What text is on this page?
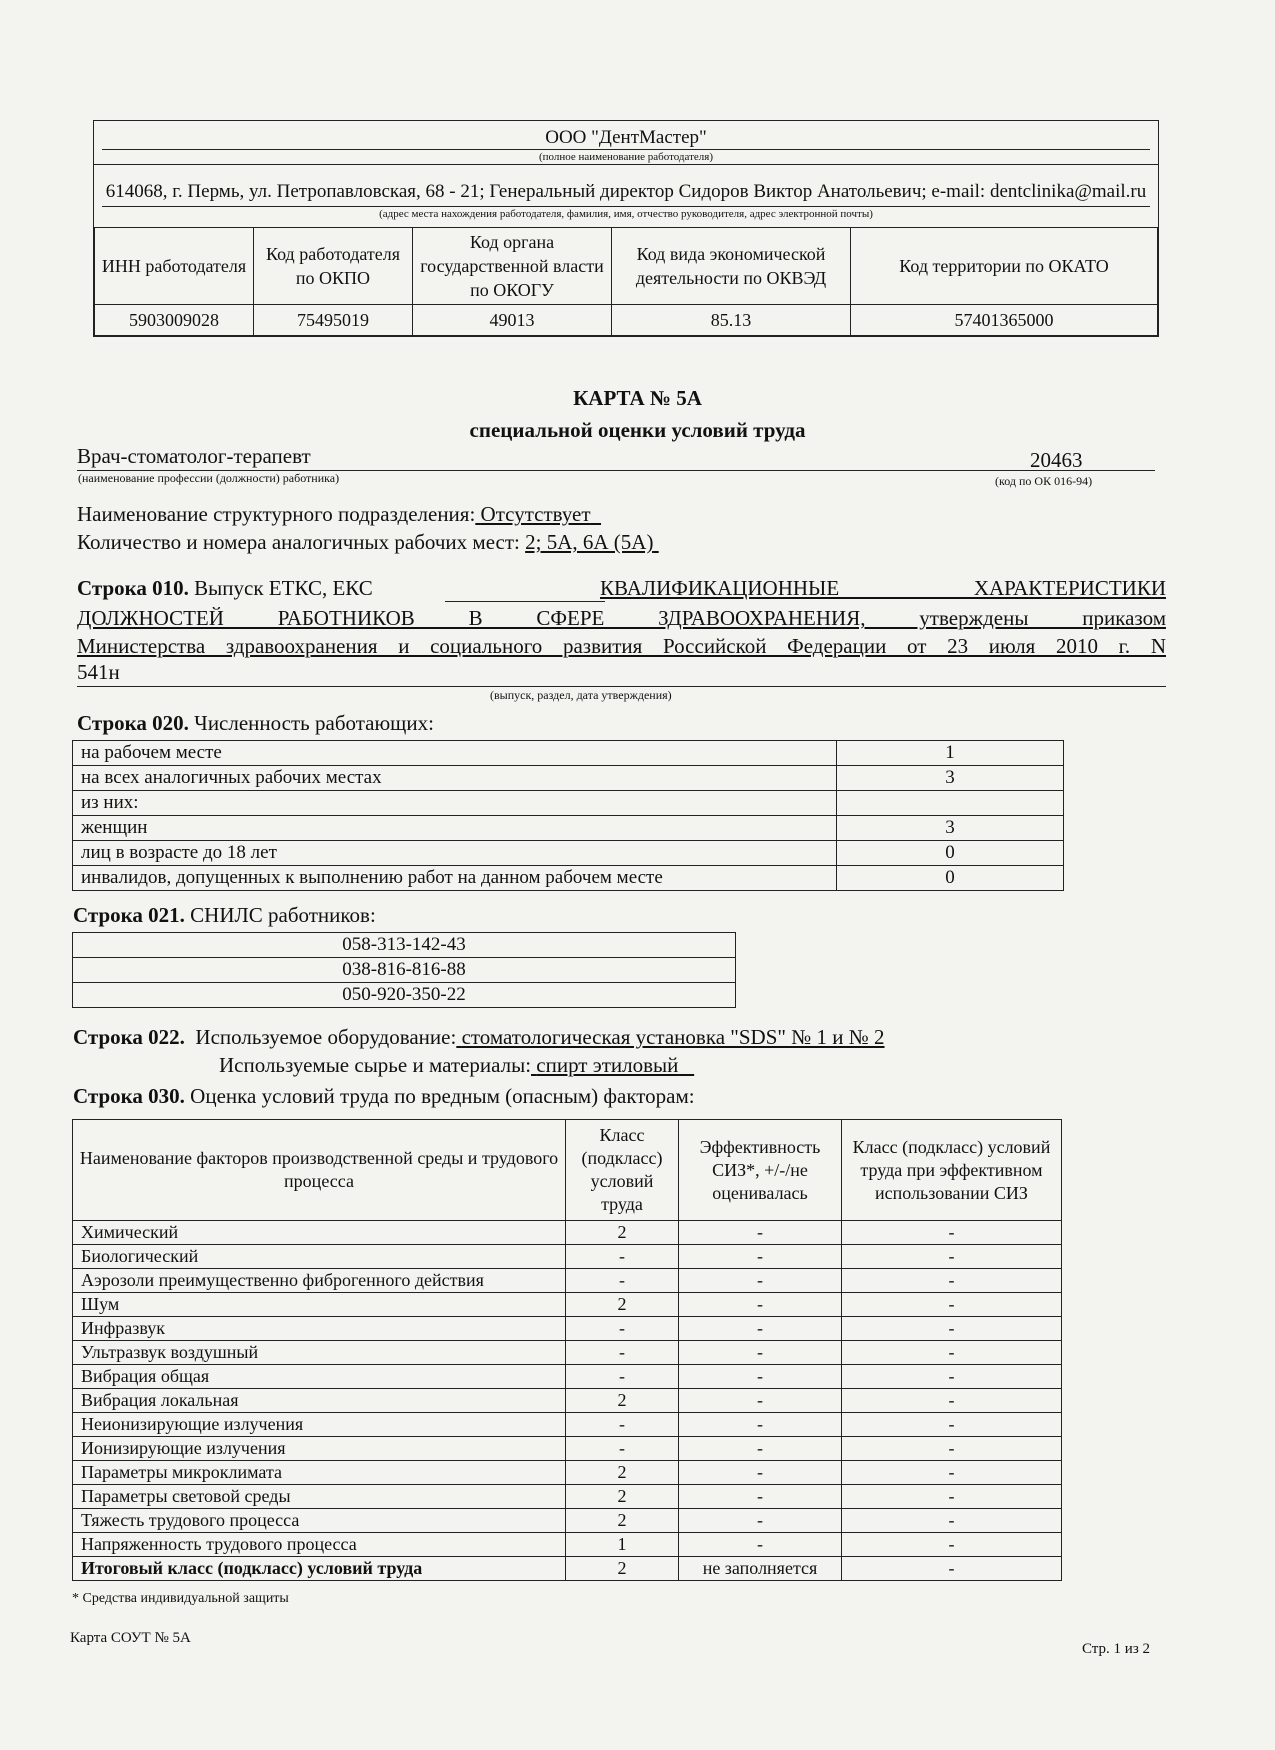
ООО "ДентМастер"
(полное наименование работодателя)
614068, г. Пермь, ул. Петропавловская, 68 - 21; Генеральный директор Сидоров Виктор Анатольевич; e-mail: dentclinika@mail.ru
(адрес места нахождения работодателя, фамилия, имя, отчество руководителя, адрес электронной почты)
ИНН работодателя	Код работодателя по ОКПО	Код органа государственной власти по ОКОГУ	Код вида экономической деятельности по ОКВЭД	Код территории по ОКАТО
5903009028	75495019	49013	85.13	57401365000
КАРТА № 5А
специальной оценки условий труда
Врач-стоматолог-терапевт	20463
(наименование профессии (должности) работника)	(код по ОК 016-94)
Наименование структурного подразделения: Отсутствует
Количество и номера аналогичных рабочих мест: 2; 5А, 6А (5А)
Строка 010. Выпуск ЕТКС, ЕКС	КВАЛИФИКАЦИОННЫЕ ХАРАКТЕРИСТИКИ
ДОЛЖНОСТЕЙ РАБОТНИКОВ В СФЕРЕ ЗДРАВООХРАНЕНИЯ, утверждены приказом
Министерства здравоохранения и социального развития Российской Федерации от 23 июля 2010 г. N
541н
(выпуск, раздел, дата утверждения)
Строка 020. Численность работающих:
на рабочем месте	1
на всех аналогичных рабочих местах	3
из них:	
женщин	3
лиц в возрасте до 18 лет	0
инвалидов, допущенных к выполнению работ на данном рабочем месте	0
Строка 021. СНИЛС работников:
058-313-142-43
038-816-816-88
050-920-350-22
Строка 022. Используемое оборудование: стоматологическая установка "SDS" № 1 и № 2
Используемые сырье и материалы: спирт этиловый
Строка 030. Оценка условий труда по вредным (опасным) факторам:
Наименование факторов производственной среды и трудового процесса	Класс (подкласс) условий труда	Эффективность СИЗ*, +/-/не оценивалась	Класс (подкласс) условий труда при эффективном использовании СИЗ
Химический	2	-	-
Биологический	-	-	-
Аэрозоли преимущественно фиброгенного действия	-	-	-
Шум	2	-	-
Инфразвук	-	-	-
Ультразвук воздушный	-	-	-
Вибрация общая	-	-	-
Вибрация локальная	2	-	-
Неионизирующие излучения	-	-	-
Ионизирующие излучения	-	-	-
Параметры микроклимата	2	-	-
Параметры световой среды	2	-	-
Тяжесть трудового процесса	2	-	-
Напряженность трудового процесса	1	-	-
Итоговый класс (подкласс) условий труда	2	не заполняется	-
* Средства индивидуальной защиты
Карта СОУТ № 5А
Стр. 1 из 2
